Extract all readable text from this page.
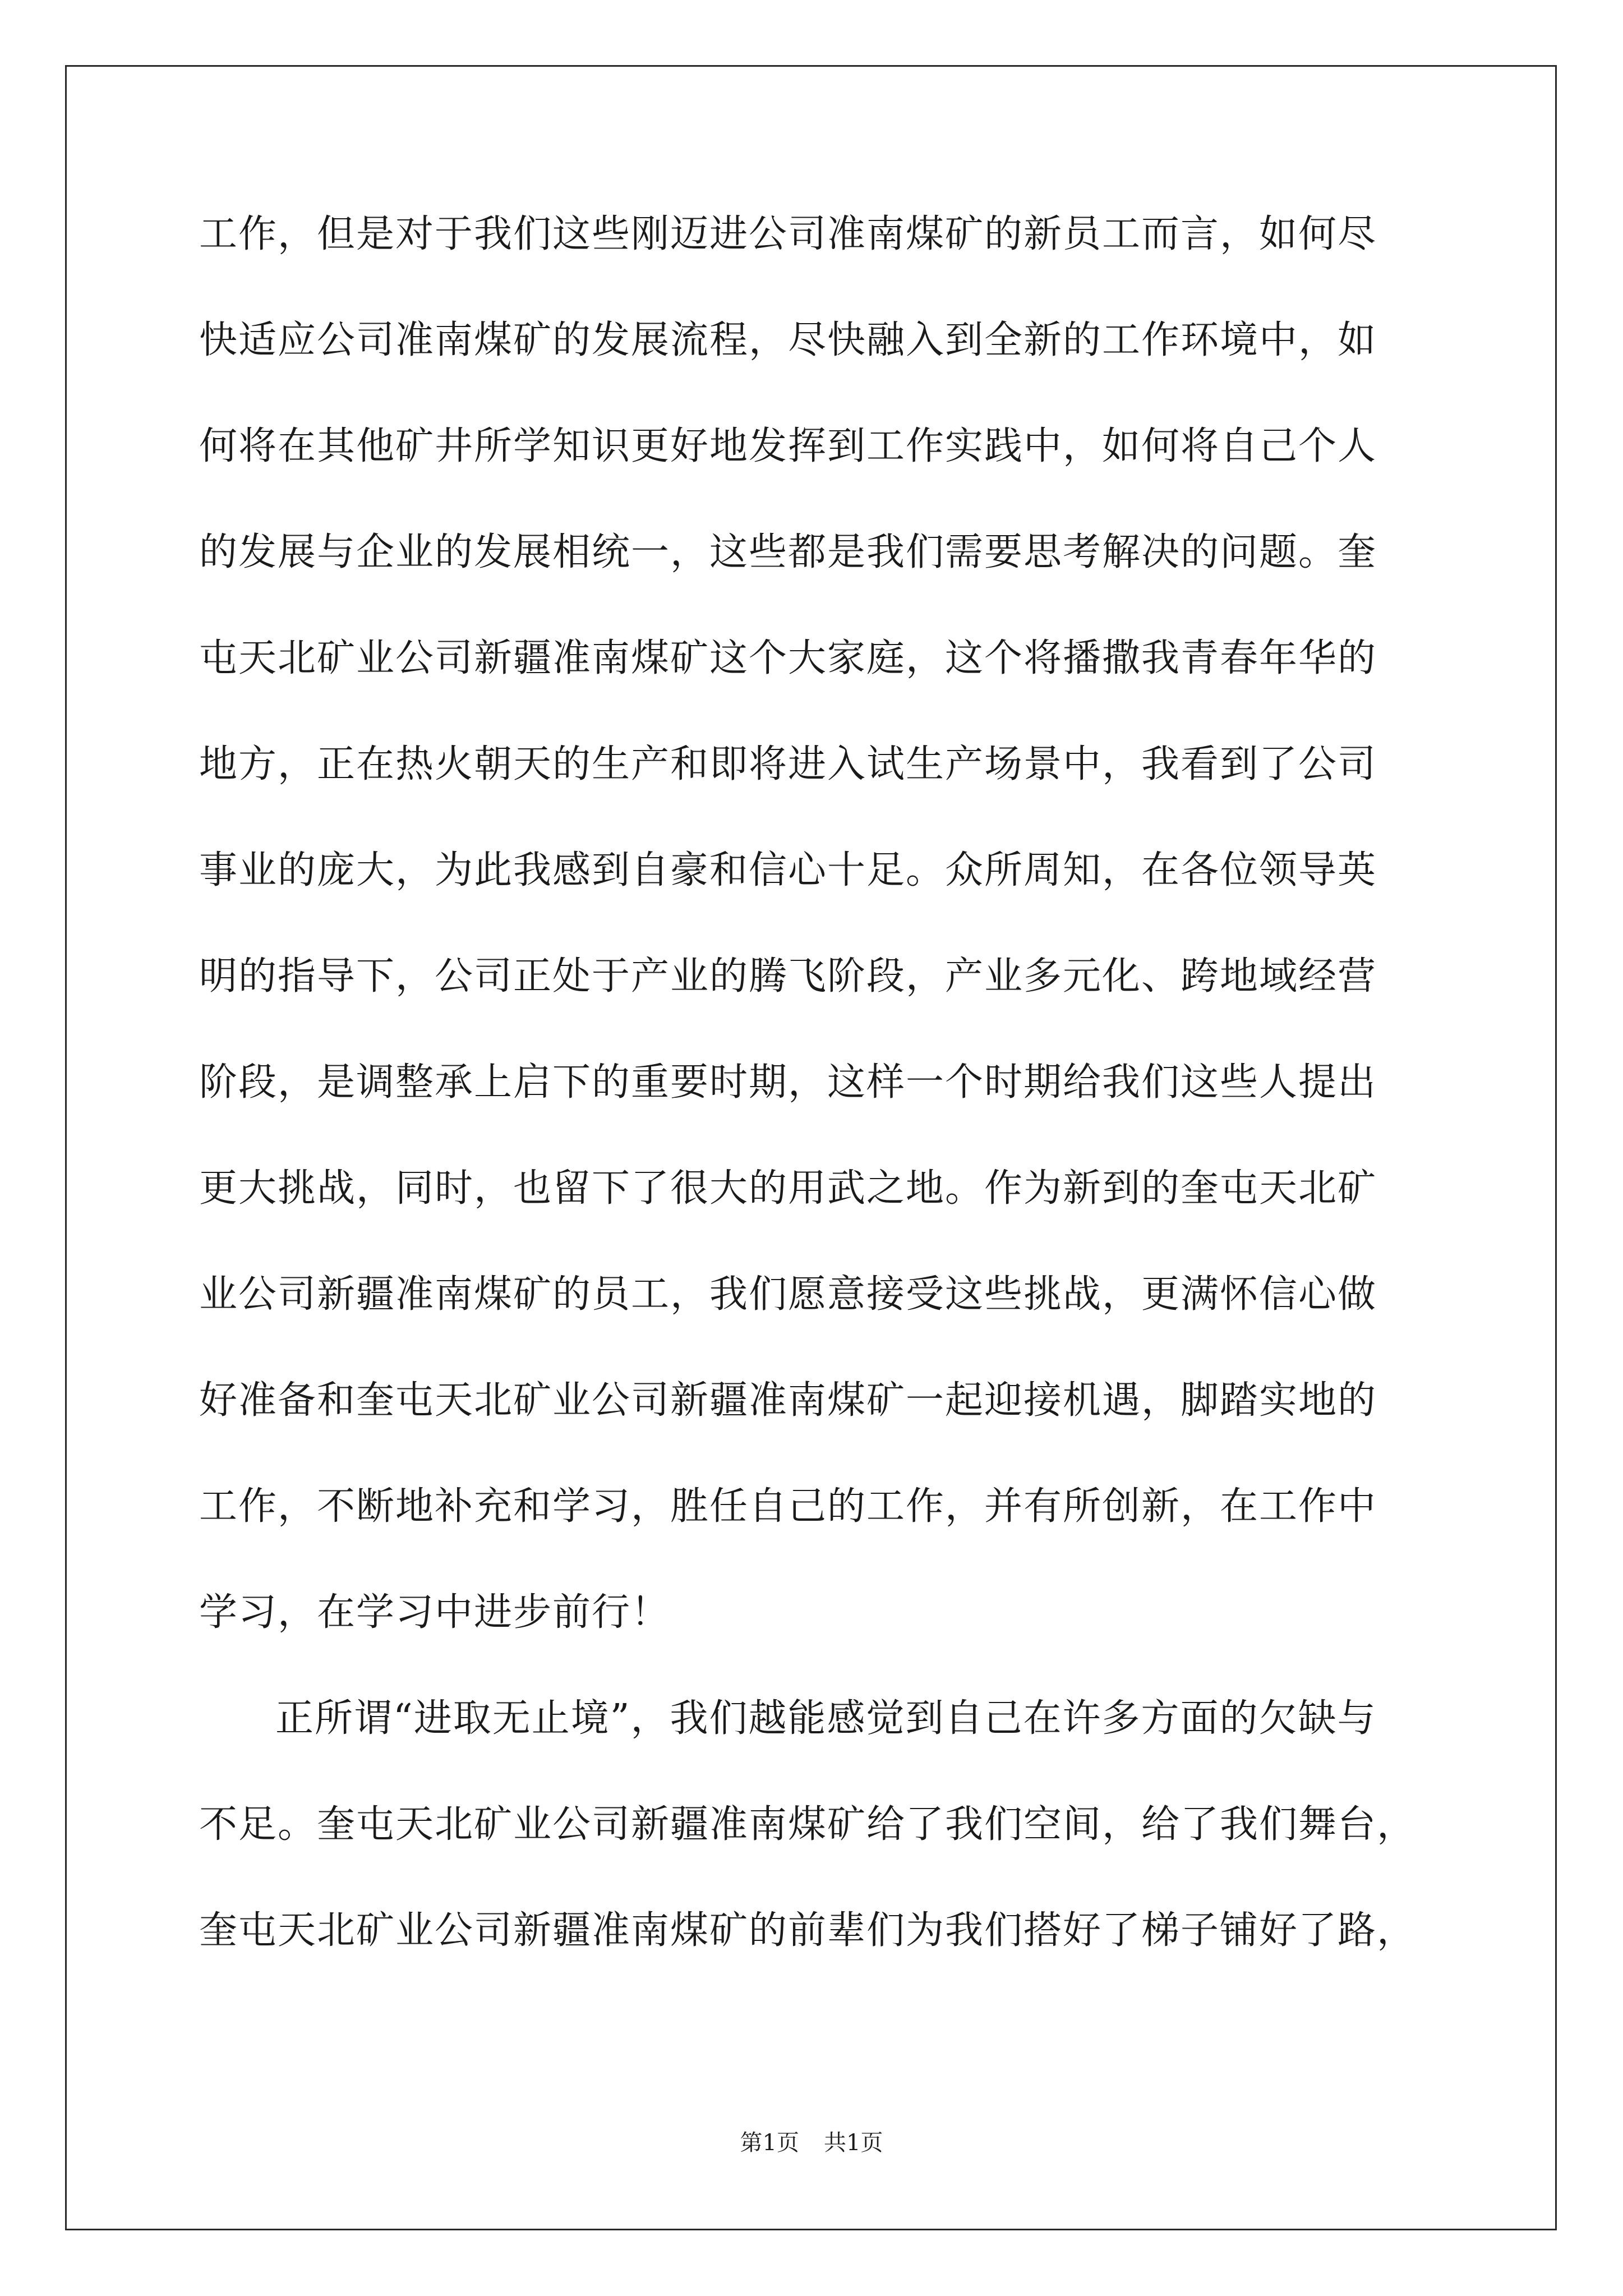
工作，但是对于我们这些刚迈进公司准南煤矿的新员工而言，如何尽
快适应公司准南煤矿的发展流程，尽快融入到全新的工作环境中，如
何将在其他矿井所学知识更好地发挥到工作实践中，如何将自己个人
的发展与企业的发展相统一，这些都是我们需要思考解决的问题。奎
屯天北矿业公司新疆准南煤矿这个大家庭，这个将播撒我青春年华的
地方，正在热火朝天的生产和即将进入试生产场景中，我看到了公司
事业的庞大，为此我感到自豪和信心十足。众所周知，在各位领导英
明的指导下，公司正处于产业的腾飞阶段，产业多元化、跨地域经营
阶段，是调整承上启下的重要时期，这样一个时期给我们这些人提出
更大挑战，同时，也留下了很大的用武之地。作为新到的奎屯天北矿
业公司新疆准南煤矿的员工，我们愿意接受这些挑战，更满怀信心做
好准备和奎屯天北矿业公司新疆准南煤矿一起迎接机遇，脚踏实地的
工作，不断地补充和学习，胜任自己的工作，并有所创新，在工作中
学习，在学习中进步前行！
正所谓“进取无止境”，我们越能感觉到自己在许多方面的欠缺与
不足。奎屯天北矿业公司新疆准南煤矿给了我们空间，给了我们舞台，
奎屯天北矿业公司新疆准南煤矿的前辈们为我们搭好了梯子铺好了路，
第1页 共1页
